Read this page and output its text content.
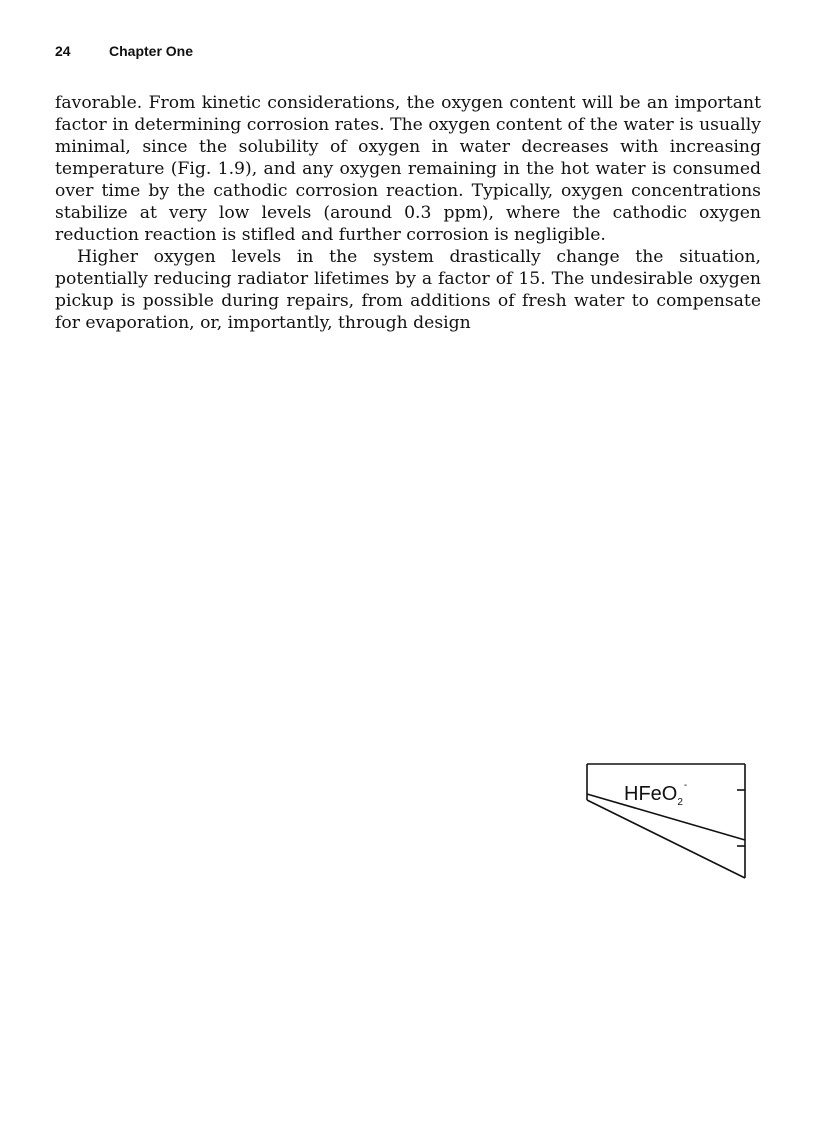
24	Chapter One

favorable. From kinetic considerations, the oxygen content will be an important factor in determining corrosion rates. The oxygen content of the water is usually minimal, since the solubility of oxygen in water decreases with increasing temperature (Fig. 1.9), and any oxygen remaining in the hot water is consumed over time by the cathodic corrosion reaction. Typically, oxygen concentrations stabilize at very low levels (around 0.3 ppm), where the cathodic oxygen reduction reaction is stifled and further corrosion is negligible.

Higher oxygen levels in the system drastically change the situation, potentially reducing radiator lifetimes by a factor of 15. The undesirable oxygen pickup is possible during repairs, from additions of fresh water to compensate for evaporation, or, importantly, through design

HFeO$_2$-
